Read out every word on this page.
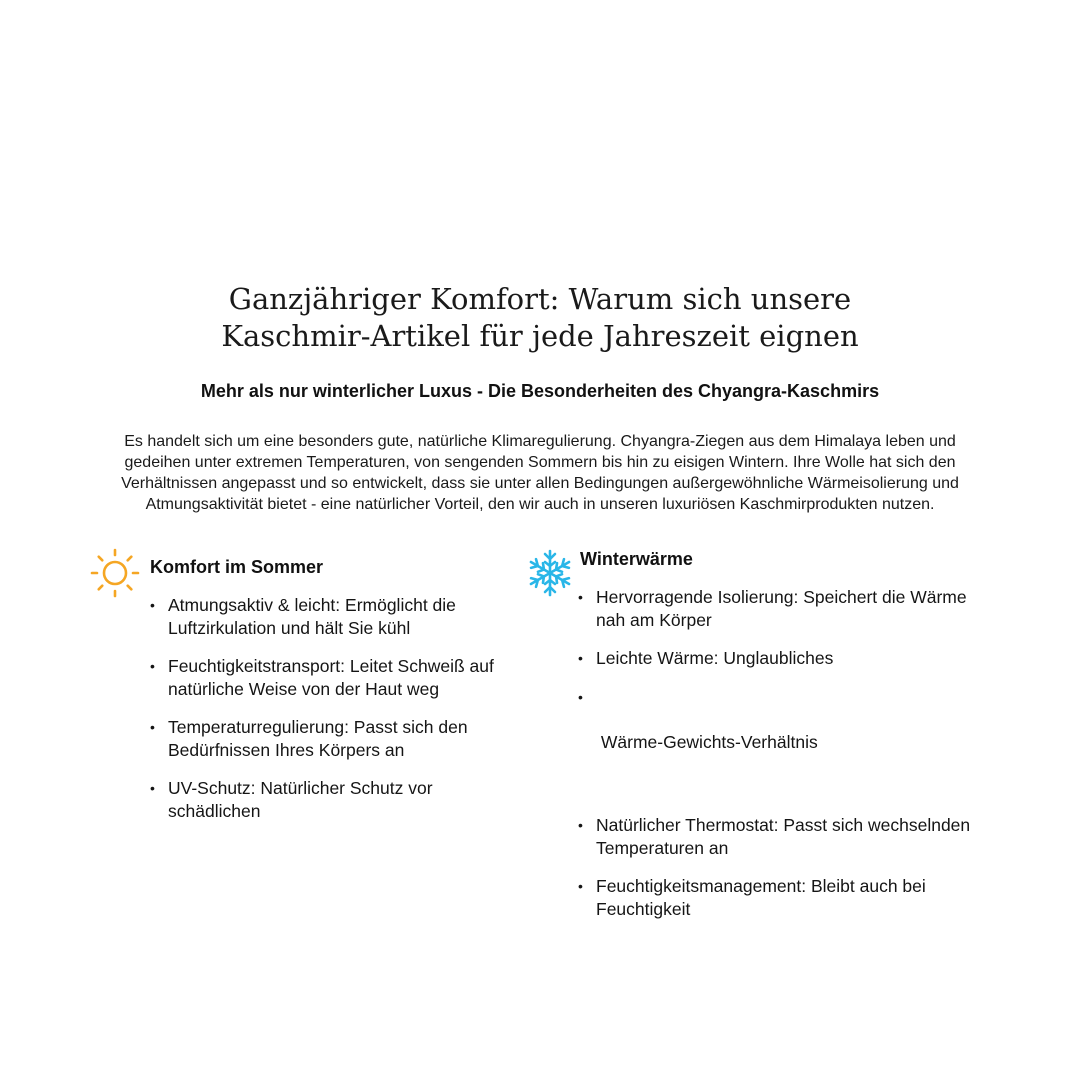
Ganzjähriger Komfort: Warum sich unsere
Kaschmir-Artikel für jede Jahreszeit eignen
Mehr als nur winterlicher Luxus - Die Besonderheiten des Chyangra-Kaschmirs

Es handelt sich um eine besonders gute, natürliche Klimaregulierung. Chyangra-Ziegen aus dem Himalaya leben und
gedeihen unter extremen Temperaturen, von sengenden Sommern bis hin zu eisigen Wintern. Ihre Wolle hat sich den
Verhältnissen angepasst und so entwickelt, dass sie unter allen Bedingungen außergewöhnliche Wärmeisolierung und
Atmungsaktivität bietet - eine natürlicher Vorteil, den wir auch in unseren luxuriösen Kaschmirprodukten nutzen.

Komfort im Sommer
• Atmungsaktiv & leicht: Ermöglicht die
Luftzirkulation und hält Sie kühl
• Feuchtigkeitstransport: Leitet Schweiß auf
natürliche Weise von der Haut weg
• Temperaturregulierung: Passt sich den
Bedürfnissen Ihres Körpers an
• UV-Schutz: Natürlicher Schutz vor
schädlichen
Winterwärme
• Hervorragende Isolierung: Speichert die Wärme
nah am Körper
• Leichte Wärme: Unglaubliches

•  Wärme-Gewichts-Verhältnis

• Natürlicher Thermostat: Passt sich wechselnden
Temperaturen an
• Feuchtigkeitsmanagement: Bleibt auch bei
Feuchtigkeit
